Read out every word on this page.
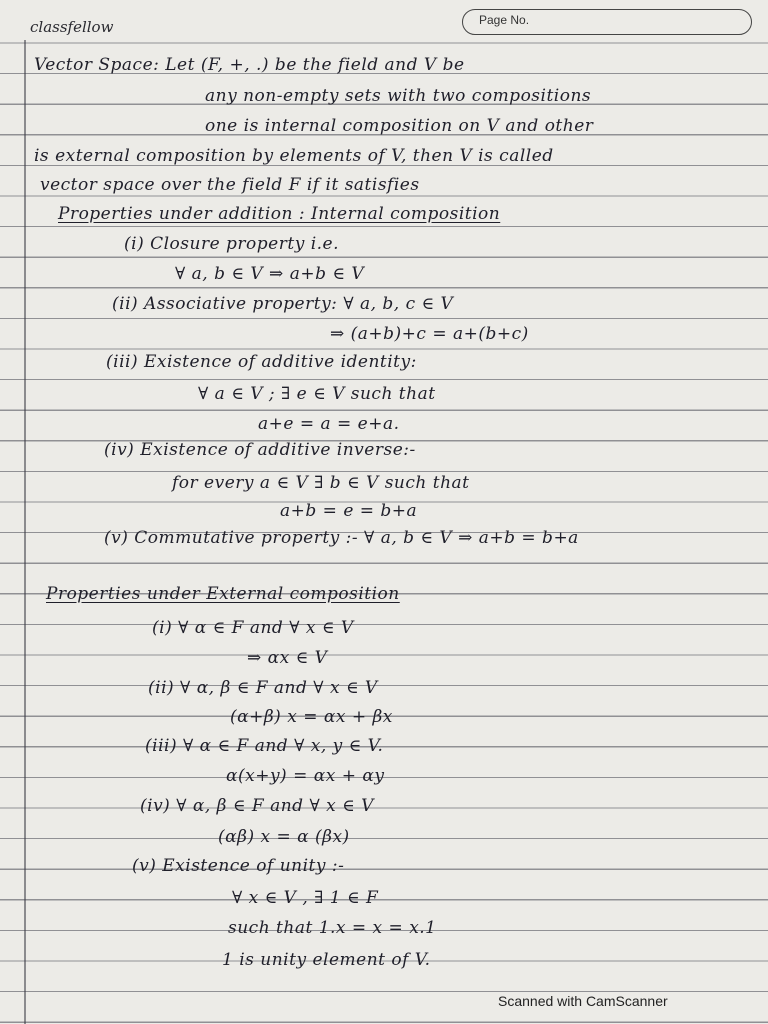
classfellow	Page No.
Vector Space: Let (F, +, .) be the field and V be
any non-empty sets with two compositions
one is internal composition on V and other
is external composition by elements of V, then V is called
vector space over the field F if it satisfies
Properties under addition : Internal composition
(i) Closure property i.e.
∀ a, b ∈ V ⇒ a+b ∈ V
(ii) Associative property: ∀ a, b, c ∈ V
⇒ (a+b)+c = a+(b+c)
(iii) Existence of additive identity:
∀ a ∈ V ; ∃ e ∈ V such that
a+e = a = e+a.
(iv) Existence of additive inverse:-
for every a ∈ V ∃ b ∈ V such that
a+b = e = b+a
(v) Commutative property :- ∀ a, b ∈ V ⇒ a+b = b+a
Properties under External composition
(i) ∀ α ∈ F and ∀ x ∈ V
⇒ αx ∈ V
(ii) ∀ α, β ∈ F and ∀ x ∈ V
(α+β) x = αx + βx
(iii) ∀ α ∈ F and ∀ x, y ∈ V.
α(x+y) = αx + αy
(iv) ∀ α, β ∈ F and ∀ x ∈ V
(αβ) x = α (βx)
(v) Existence of unity :-
∀ x ∈ V , ∃ 1 ∈ F
such that 1.x = x = x.1
1 is unity element of V.
Scanned with CamScanner
